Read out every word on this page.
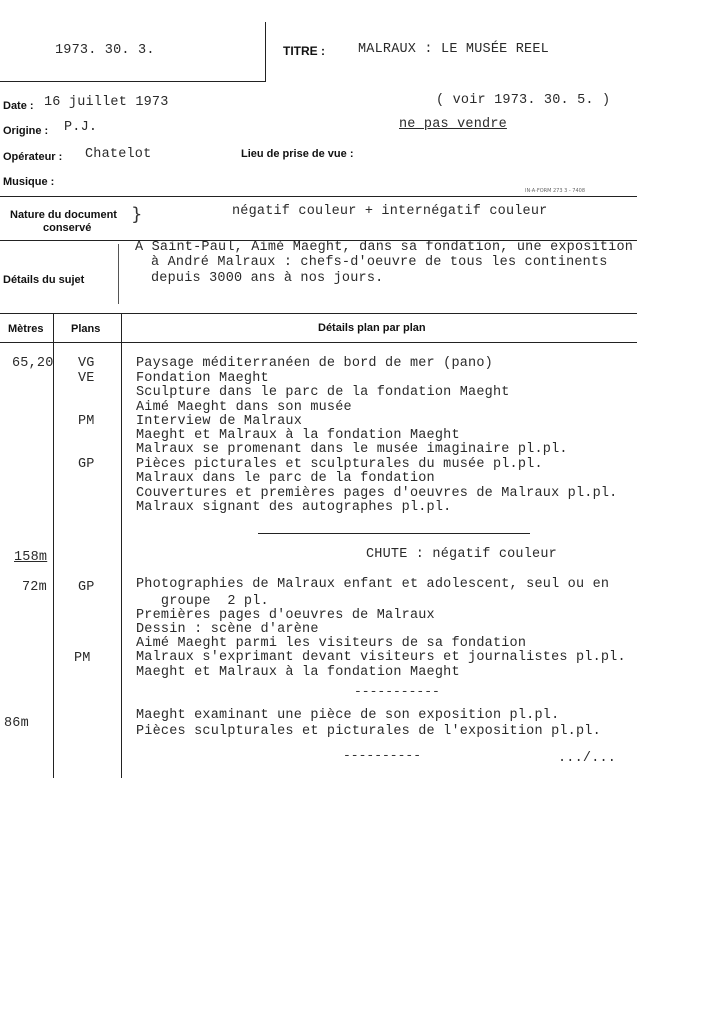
1973. 30. 3.	TITRE : MALRAUX : LE MUSÉE REEL
Date : 16 juillet 1973	( voir 1973. 30. 5. )
Origine : P.J.	ne pas vendre
Opérateur : Chatelot	Lieu de prise de vue :
Musique :
IN·A·FORM 273 3 - 7408
Nature du document
conservé
}	négatif couleur + internégatif couleur
Détails du sujet
A Saint-Paul, Aimé Maeght, dans sa fondation, une exposition
à André Malraux : chefs-d'oeuvre de tous les continents
depuis 3000 ans à nos jours.
Mètres	Plans	Détails plan par plan
65,20 VG	Paysage méditerranéen de bord de mer (pano)
VE	Fondation Maeght
Sculpture dans le parc de la fondation Maeght
Aimé Maeght dans son musée
PM	Interview de Malraux
Maeght et Malraux à la fondation Maeght
Malraux se promenant dans le musée imaginaire pl.pl.
GP	Pièces picturales et sculpturales du musée pl.pl.
Malraux dans le parc de la fondation
Couvertures et premières pages d'oeuvres de Malraux pl.pl.
Malraux signant des autographes pl.pl.
158m	CHUTE : négatif couleur
72m GP	Photographies de Malraux enfant et adolescent, seul ou en
groupe  2 pl.
Premières pages d'oeuvres de Malraux
Dessin : scène d'arène
Aimé Maeght parmi les visiteurs de sa fondation
PM	Malraux s'exprimant devant visiteurs et journalistes pl.pl.
Maeght et Malraux à la fondation Maeght
-----------
86m
Maeght examinant une pièce de son exposition pl.pl.
Pièces sculpturales et picturales de l'exposition pl.pl.
----------	.../...
